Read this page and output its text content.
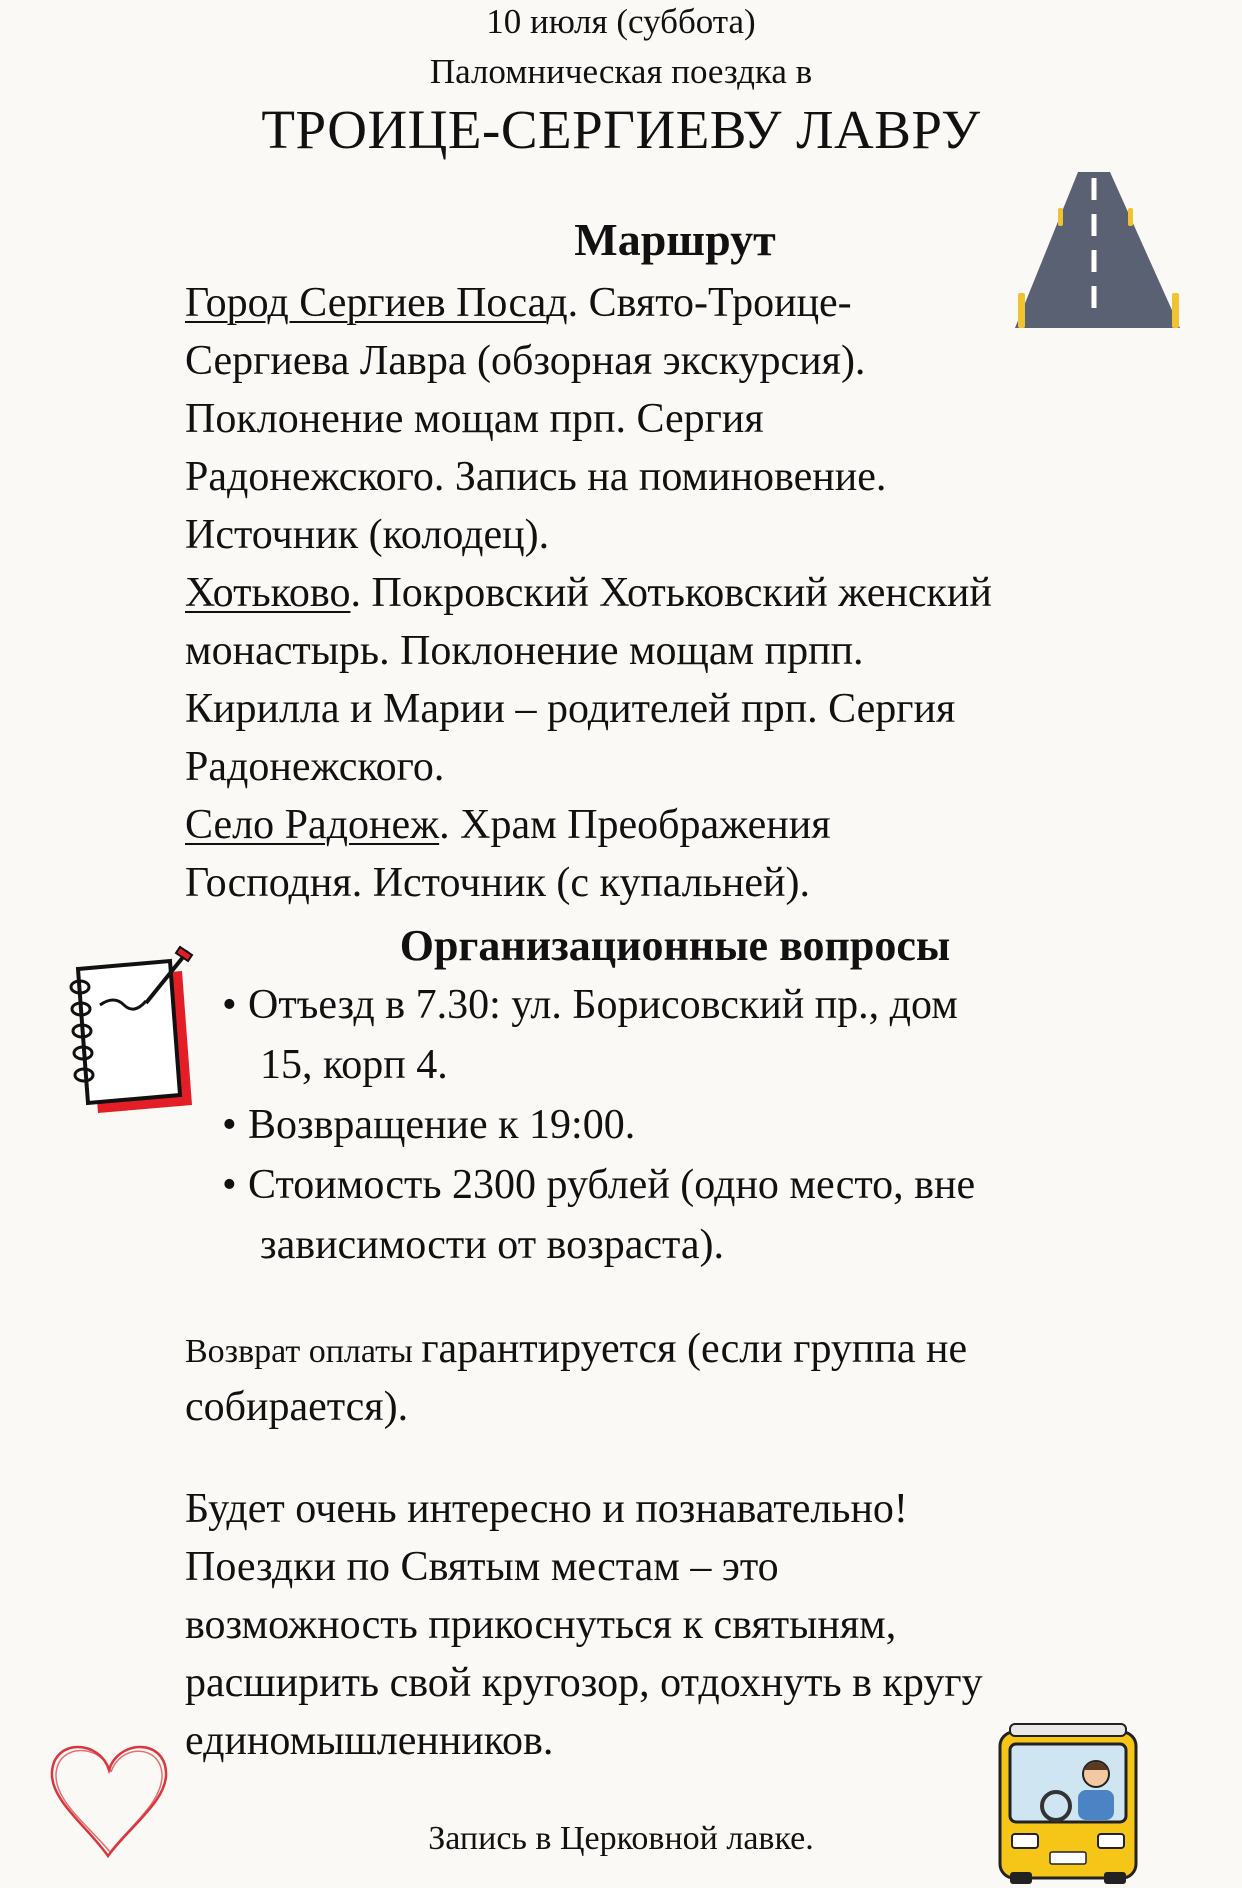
10 июля (суббота)
Паломническая поездка в
ТРОИЦЕ-СЕРГИЕВУ ЛАВРУ
Маршрут
Город Сергиев Посад. Свято-Троице-
Сергиева Лавра (обзорная экскурсия).
Поклонение мощам прп. Сергия
Радонежского. Запись на поминовение.
Источник (колодец).
Хотьково. Покровский Хотьковский женский
монастырь. Поклонение мощам прпп.
Кирилла и Марии – родителей прп. Сергия
Радонежского.
Село Радонеж. Храм Преображения
Господня. Источник (с купальней).
Организационные вопросы
• Отъезд в 7.30: ул. Борисовский пр., дом
15, корп 4.
• Возвращение к 19:00.
• Стоимость 2300 рублей (одно место, вне
зависимости от возраста).
Возврат оплаты гарантируется (если группа не
собирается).
Будет очень интересно и познавательно!
Поездки по Святым местам – это
возможность прикоснуться к святыням,
расширить свой кругозор, отдохнуть в кругу
единомышленников.
Запись в Церковной лавке.
